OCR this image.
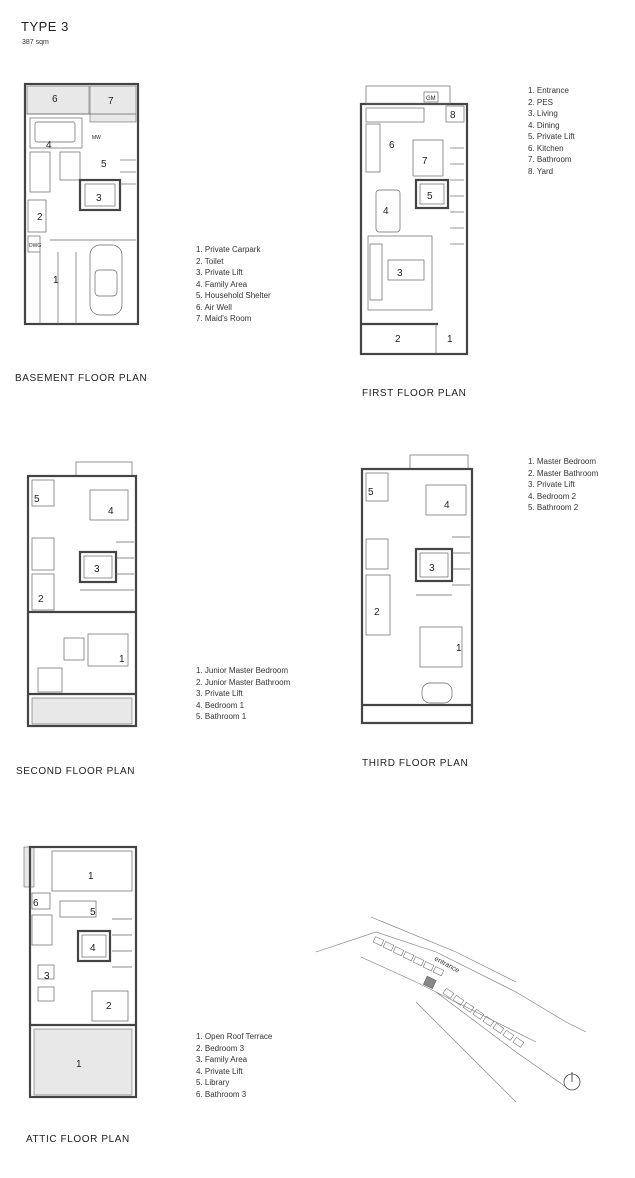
TYPE 3
387 sqm
6	7
4
5
3
2
1
MW
DWG	1. Private Carpark
2. Toilet
3. Private Lift
4. Family Area
5. Household Shelter
6. Air Well
7. Maid's Room
BASEMENT FLOOR PLAN
6
7
8
5
4
3
2	1
GM
1. Entrance
2. PES
3. Living
4. Dining
5. Private Lift
6. Kitchen
7. Bathroom
8. Yard
FIRST FLOOR PLAN
5
4
3
2
1
1. Junior Master Bedroom
2. Junior Master Bathroom
3. Private Lift
4. Bedroom 1
5. Bathroom 1
SECOND FLOOR PLAN
5
4
3
2
1
1. Master Bedroom
2. Master Bathroom
3. Private Lift
4. Bedroom 2
5. Bathroom 2
THIRD FLOOR PLAN
1
6
5
4
3
2
1
1. Open Roof Terrace
2. Bedroom 3
3. Family Area
4. Private Lift
5. Library
6. Bathroom 3
ATTIC FLOOR PLAN
entrance
